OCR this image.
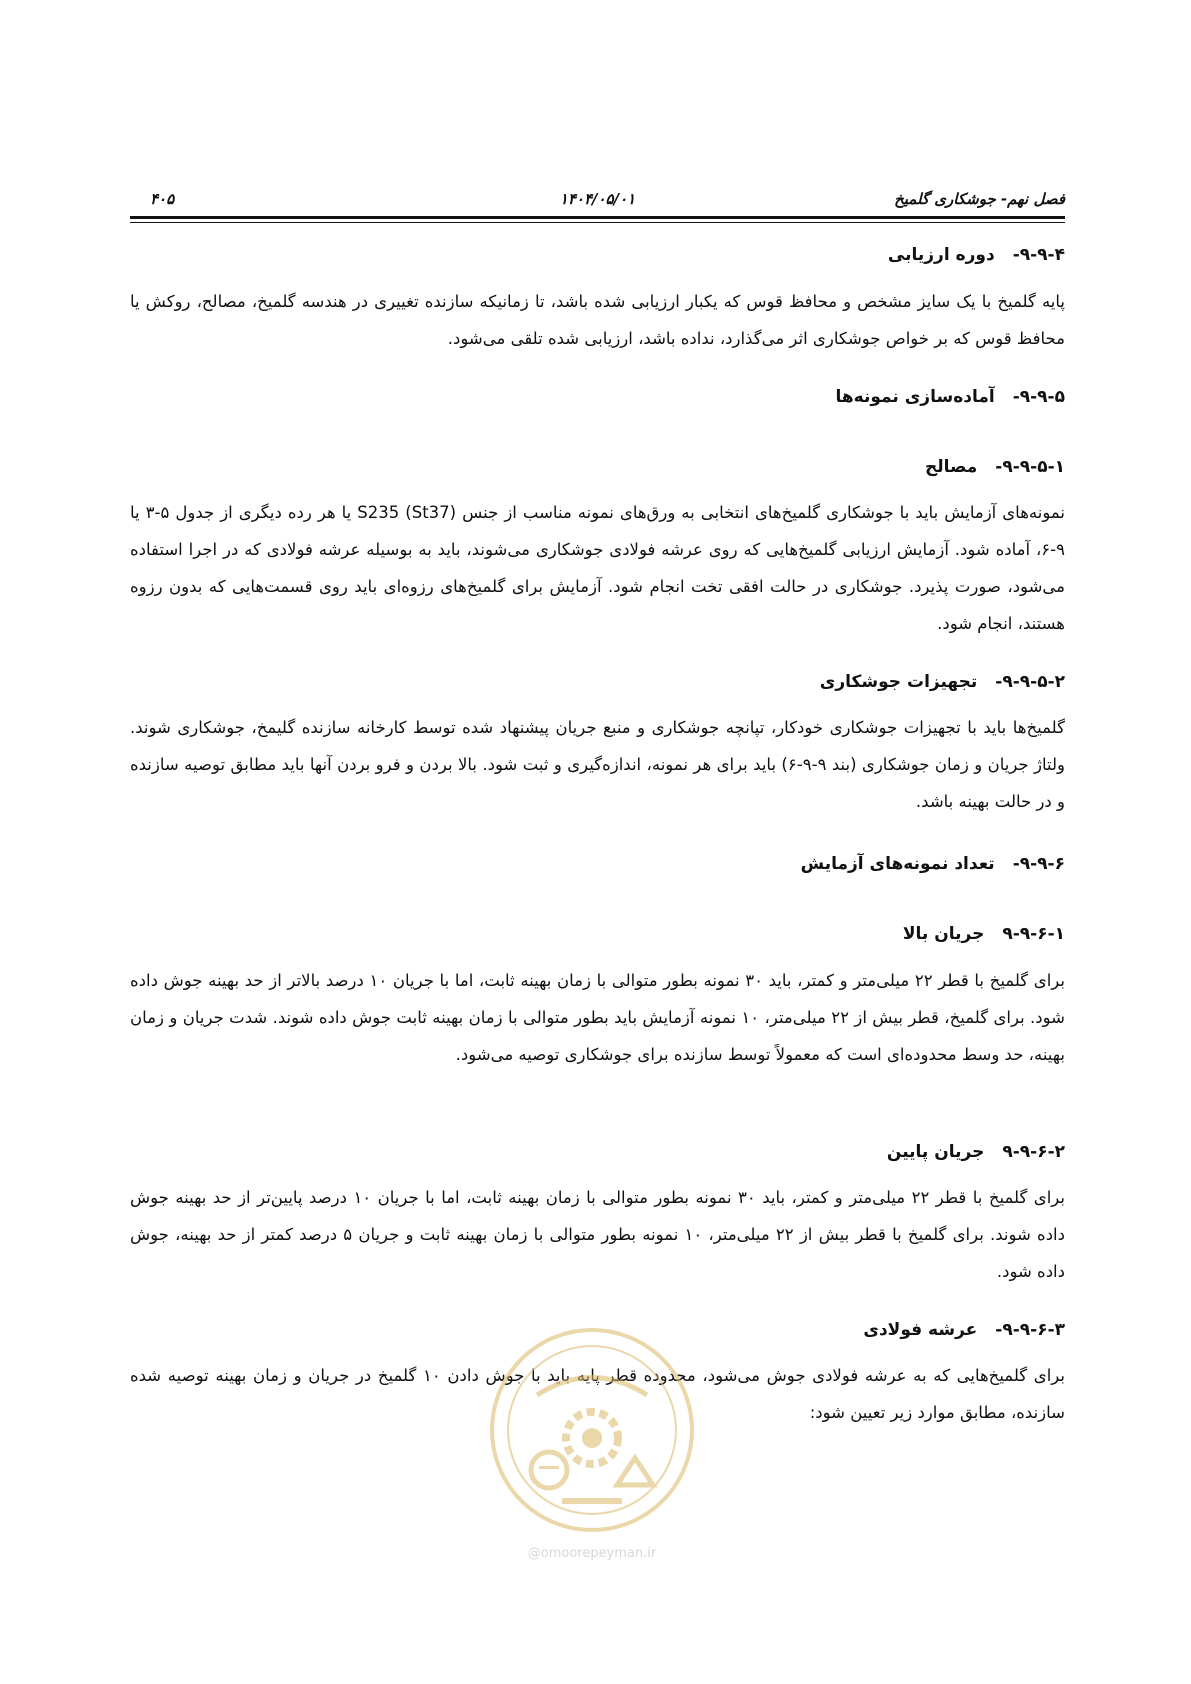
فصل نهم- جوشکاری گلمیخ
۱۴۰۴/۰۵/۰۱
۴۰۵
۹-۹-۴-دوره ارزیابی
پایه گلمیخ با یک سایز مشخص و محافظ قوس که یکبار ارزیابی شده باشد، تا زمانیکه سازنده تغییری در هندسه گلمیخ، مصالح، روکش یا محافظ قوس که بر خواص جوشکاری اثر می‌گذارد، نداده باشد، ارزیابی شده تلقی می‌شود.
۹-۹-۵-آماده‌سازی نمونه‌ها
۹-۹-۵-۱-مصالح
نمونه‌های آزمایش باید با جوشکاری گلمیخ‌های انتخابی به ورق‌های نمونه مناسب از جنس S235 (St37) یا هر رده دیگری از جدول ۵-۳ یا ۹-۶، آماده شود. آزمایش ارزیابی گلمیخ‌هایی که روی عرشه فولادی جوشکاری می‌شوند، باید به بوسیله عرشه فولادی که در اجرا استفاده می‌شود، صورت پذیرد. جوشکاری در حالت افقی تخت انجام شود. آزمایش برای گلمیخ‌های رزوه‌ای باید روی قسمت‌هایی که بدون رزوه هستند، انجام شود.
۹-۹-۵-۲-تجهیزات جوشکاری
گلمیخ‌ها باید با تجهیزات جوشکاری خودکار، تپانچه جوشکاری و منبع جریان پیشنهاد شده توسط کارخانه سازنده گلیمخ، جوشکاری شوند. ولتاژ جریان و زمان جوشکاری (بند ۹-۹-۶) باید برای هر نمونه، اندازه‌گیری و ثبت شود. بالا بردن و فرو بردن آنها باید مطابق توصیه سازنده و در حالت بهینه باشد.
۹-۹-۶-تعداد نمونه‌های آزمایش
۹-۹-۶-۱جریان بالا
برای گلمیخ با قطر ۲۲ میلی‌متر و کمتر، باید ۳۰ نمونه بطور متوالی با زمان بهینه ثابت، اما با جریان ۱۰ درصد بالاتر از حد بهینه جوش داده شود. برای گلمیخ، قطر بیش از ۲۲ میلی‌متر، ۱۰ نمونه آزمایش باید بطور متوالی با زمان بهینه ثابت جوش داده شوند. شدت جریان و زمان بهینه، حد وسط محدوده‌ای است که معمولاً توسط سازنده برای جوشکاری توصیه می‌شود.
۹-۹-۶-۲جریان پایین
برای گلمیخ با قطر ۲۲ میلی‌متر و کمتر، باید ۳۰ نمونه بطور متوالی با زمان بهینه ثابت، اما با جریان ۱۰ درصد پایین‌تر از حد بهینه جوش داده شوند. برای گلمیخ با قطر بیش از ۲۲ میلی‌متر، ۱۰ نمونه بطور متوالی با زمان بهینه ثابت و جریان ۵ درصد کمتر از حد بهینه، جوش داده شود.
۹-۹-۶-۳-عرشه فولادی
برای گلمیخ‌هایی که به عرشه فولادی جوش می‌شود، محدوده قطر پایه باید با جوش دادن ۱۰ گلمیخ در جریان و زمان بهینه توصیه شده سازنده، مطابق موارد زیر تعیین شود:
@omoorepeyman.ir
